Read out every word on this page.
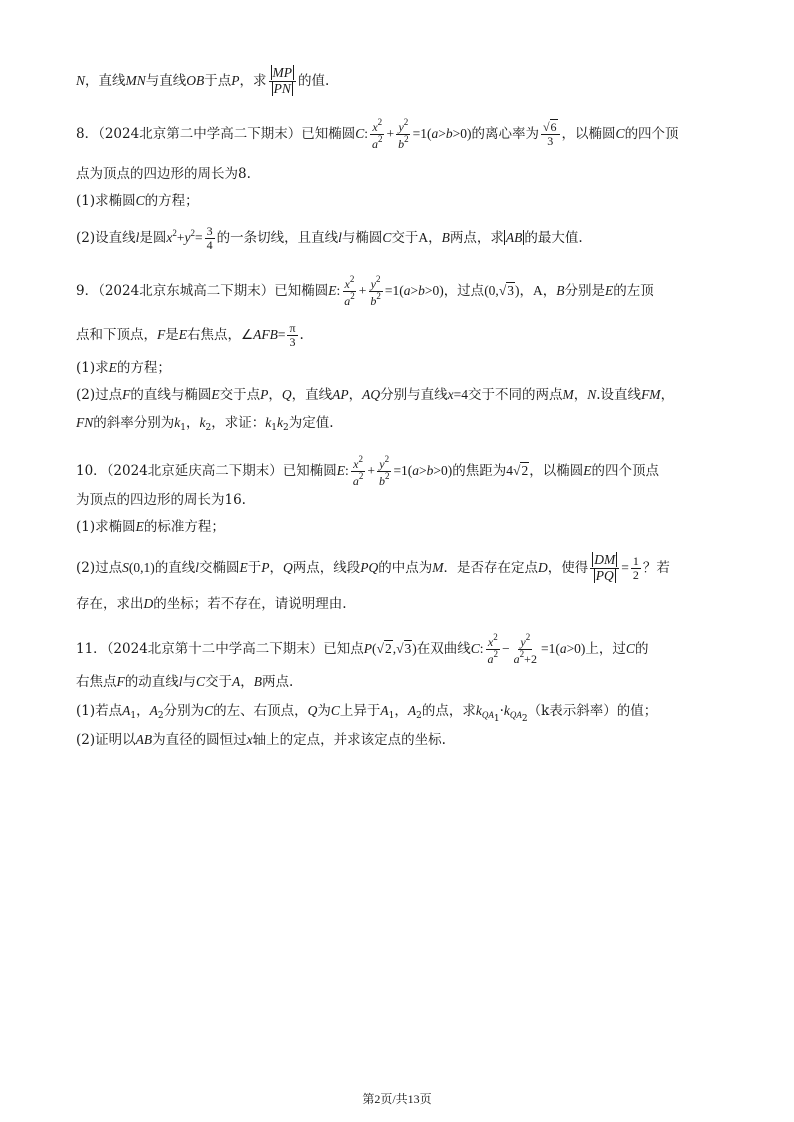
N，直线MN与直线OB于点P，求 $\frac{MP}{PN}$ 的值.
8．（2024北京第二中学高二下期末）已知椭圆C: $\frac{x^2}{a^2} + \frac{y^2}{b^2} =1(a>b>0)$的离心率为 $\frac{√6}{3}$ ，以椭圆C的四个顶
点为顶点的四边形的周长为8.
(1)求椭圆C的方程；
(2)设直线l是圆$x^2+y^2= \frac{3}{4}$ 的一条切线，且直线l与椭圆C交于A，B两点，求 AB 的最大值.
9．（2024北京东城高二下期末）已知椭圆E: $\frac{x^2}{a^2} + \frac{y^2}{b^2} =1(a>b>0)$，过点(0,√3)，A，B分别是E的左顶
点和下顶点，F是E右焦点，∠AFB= $\frac{\pi}{3}$ .
(1)求E的方程；
(2)过点F的直线与椭圆E交于点P，Q，直线AP，AQ分别与直线x=4交于不同的两点M，N.设直线FM，
FN的斜率分别为$k_1$，$k_2$，求证：$k_1k_2$为定值.
10．（2024北京延庆高二下期末）已知椭圆E: $\frac{x^2}{a^2} + \frac{y^2}{b^2} =1(a>b>0)$的焦距为4√2，以椭圆E的四个顶点
为顶点的四边形的周长为16.
(1)求椭圆E的标准方程；
(2)过点S(0,1)的直线l交椭圆E于P，Q两点，线段PQ的中点为M．是否存在定点D，使得 $\frac{DM}{PQ} = \frac{1}{2}$ ？若
存在，求出D的坐标；若不存在，请说明理由.
11．（2024北京第十二中学高二下期末）已知点P(√2,√3)在双曲线C: $\frac{x^2}{a^2} - \frac{y^2}{a^2+2} =1(a>0)$上，过C的
右焦点F的动直线l与C交于A，B两点.
(1)若点$A_1$，$A_2$分别为C的左、右顶点，Q为C上异于$A_1$，$A_2$的点，求$k_{QA_1}\cdot k_{QA_2}(k$表示斜率）的值；
(2)证明以AB为直径的圆恒过x轴上的定点，并求该定点的坐标.
第2页/共13页
